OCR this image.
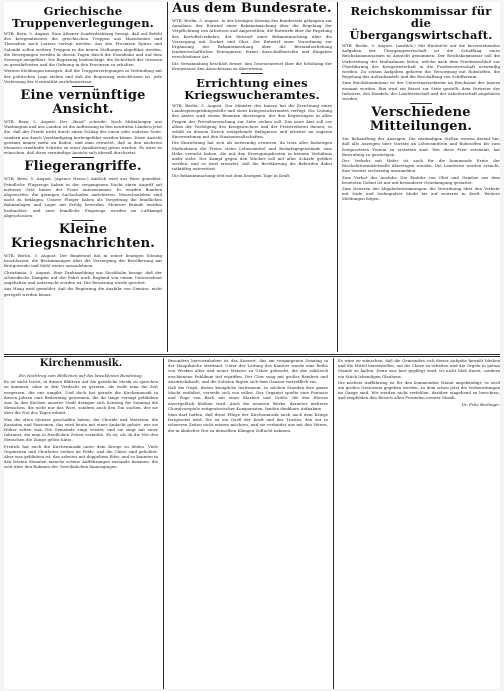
Griechische Truppenverlegungen.

WTB. Bern, 5. August. Eine Athener Sonderdrahtung besagt, daß auf Befehl des Kriegsministers die griechischen Truppen aus Mazedonien und Thessalien nach Larissa verlegt werden. Aus den Provinzen Epirus und Saloniki sollen weitere Truppen in die neuen Stellungen abgeführt werden, die Bewegungen werden in diesen Tagen durch die Eisenbahn und auf dem Seewege ausgeführt. Die Regierung beabsichtigt, die Sicherheit der Grenzen zu gewährleisten und die Ordnung in den Provinzen zu erhalten.

Weitere Meldungen besagen, daß die Truppenverlegungen in Verbindung mit der politischen Lage stehen und daß die Regierung entschlossen ist, jede Verletzung der Neutralität zurückzuweisen.

Eine vernünftige Ansicht.

WTB. Bern, 5. August. Der „Bund“ schreibt: Nach Mitteilungen aus Washington und aus London ist die Auffassung in den neutralen Ländern jetzt die, daß der Friede nicht durch einen Schlag der einen oder anderen Seite, sondern nur durch Verständigung herbeigeführt werden könne. Diese Ansicht gewinnt immer mehr an Boden, und man erwartet, daß in den nächsten Monaten ernsthafte Schritte zu einer Annäherung getan werden. Es wäre zu wünschen, daß diese vernünftige Ansicht sich überall durchsetzt.

Fliegerangriffe.

WTB. Bern, 5. August. (Agence Havas.) Amtlich wird aus Paris gemeldet: Feindliche Flugzeuge haben in der vergangenen Nacht einen Angriff auf mehrere Orte hinter der Front unternommen. Es wurden Bomben abgeworfen, die geringen Sachschaden anrichteten. Menschenleben sind nicht zu beklagen. Unsere Flieger haben als Vergeltung die feindlichen Bahnanlagen und Lager mit Erfolg beworfen. Mehrere Brände wurden beobachtet, und zwei feindliche Flugzeuge wurden im Luftkampf abgeschossen.

Kleine Kriegsnachrichten.

WTB. Berlin, 5. August. Der Bundesrat hat in seiner heutigen Sitzung beschlossen, die Bestimmungen über die Versorgung der Bevölkerung mit Brotgetreide und Mehl weiter auszudehnen.

Christiania, 5. August. Eine Drahtmeldung aus Stockholm besagt, daß der schwedische Dampfer auf der Fahrt nach England von einem Unterseeboot angehalten und untersucht worden ist. Die Besatzung wurde gerettet.

Aus Haag wird gemeldet, daß die Regierung die Ausfuhr von Gemüse, nicht geregelt werden könne.

Aus dem Bundesrate.

WTB. Berlin, 5. August. In der heutigen Sitzung des Bundesrats gelangten zur Annahme: der Entwurf einer Bekanntmachung über die Regelung der Verpflichtung von Arbeitern und Angestellten, die Entwürfe über die Regelung des Kartoffelverkehrs, der Entwurf einer Bekanntmachung über die Versorgung mit Zucker und Obst, der Entwurf einer Verordnung zur Ergänzung der Bekanntmachung über die Bestandserhebung landwirtschaftlicher Erzeugnisse, ferner Ausschußberichte und Eingaben verschiedener Art.

Die Versammlung beschloß ferner, den Gesetzentwurf über die Erhöhung der Kriegsteuer den Ausschüssen zu überweisen.

Errichtung eines Kriegswucheramtes.

WTB. Berlin, 5. August. Der Minister des Innern hat die Errichtung eines Landespreisprüfungsstelle und eines Kriegswucheramtes verfügt. Die Leitung des Amtes wird einem Beamten übertragen, der den Regierungen in allen Fragen der Preisüberwachung zur Seite stehen soll. Das neue Amt soll vor allem der Verfolgung des Kriegswuchers und der Preistreiberei dienen; es erhält zu diesem Zweck weitgehende Befugnisse und arbeitet im engsten Einvernehmen mit den Staatsanwaltschaften.

Die Einrichtung hat sich als notwendig erwiesen, da trotz aller bisherigen Maßnahmen die Preise vieler Lebensmittel und Bedarfsgegenstände eine Höhe erreicht haben, die mit den Erzeugungskosten in keinem Verhältnis mehr steht. Der Kampf gegen den Wucher soll mit aller Schärfe geführt werden, und es wird erwartet, daß die Bevölkerung die Behörden dabei tatkräftig unterstützt.

Die Bekanntmachung tritt mit dem heutigen Tage in Kraft.

Reichskommissar für die Übergangswirtschaft.

WTB. Berlin, 5. August. (Amtlich.) Mit Rücksicht auf die bevorstehenden Aufgaben der Übergangswirtschaft ist die Schaffung eines Reichskommissariats in Aussicht genommen. Der Reichskommissar soll die Vorbereitung der Maßnahmen leiten, welche nach dem Friedensschluß zur Überführung der Kriegswirtschaft in die Friedenswirtschaft notwendig werden. Zu seinen Aufgaben gehören die Versorgung mit Rohstoffen, die Regelung des Außenhandels und die Beschaffung von Schiffsraum.

Zum Reichskommissar ist der Unterstaatssekretär im Reichsamt des Innern ernannt worden. Ihm wird ein Beirat zur Seite gestellt, dem Vertreter der Industrie, des Handels, der Landwirtschaft und der Arbeiterschaft angehören werden.

Verschiedene Mitteilungen.

Zur Behandlung der Anzeigen. Die zuständigen Stellen weisen darauf hin, daß alle Anzeigen über Vorräte an Lebensmitteln und Rohstoffen bis zum festgesetzten Termin zu erstatten sind. Wer diese Frist versäumt, hat Bestrafung zu gewärtigen.

Der Verkehr mit Hafer ist auch für die kommende Ernte der Reichsfuttermittelstelle übertragen worden. Die Landwirte werden ersucht, ihre Vorräte rechtzeitig anzumelden.

Zum Verbot der Ausfuhr. Die Einfuhr von Obst und Gemüse aus dem besetzten Gebiet ist nur mit besonderer Genehmigung gestattet.

Zum Neueren der Abgabebestimmungen: die Verordnung über den Verkehr mit Seife und Seifenpulver bleibt bis auf weiteres in Kraft. Weitere Meldungen folgen.

Kirchenmusik.

Ein Nachtrag zum Bildlichen auf das Musikfestes Bundestag.

Es ist nicht leicht, in diesen Blättern auf die geistliche Musik zu sprechen zu kommen, ohne in den Verdacht zu geraten, als wolle man die Zeit vergessen, die uns umgibt. Und doch hat gerade die Kirchenmusik in diesen Jahren eine Bedeutung gewonnen, die ihr lange versagt geblieben war. In den Kirchen unserer Stadt drängen sich Sonntag für Sonntag die Menschen, die nicht nur das Wort, sondern auch den Ton suchen, der sie über die Not des Tages erhebt.

Was die alten Meister geschaffen haben, die Choräle und Motetten, die Kantaten und Passionen, das wird heute mit einer Andacht gehört, wie sie früher selten war. Die Gemeinde singt wieder, und sie singt mit einer Inbrunst, die man in friedlichen Zeiten vermißte. Es ist, als ob die Not den Menschen die Zunge gelöst hätte.

Freilich hat auch die Kirchenmusik unter dem Kriege zu leiden. Viele Organisten und Chorleiter stehen im Felde, und die Chöre sind gelichtet. Aber was geblieben ist, das arbeitet mit doppeltem Eifer, und so konnten in den letzten Monaten manche schöne Aufführungen zustande kommen, die weit über den Rahmen des Gewöhnlichen hinausgingen.

Besonders hervorzuheben ist das Konzert, das am vergangenen Sonntag in der Hauptkirche stattfand. Unter der Leitung des Kantors wurde eine Reihe von Werken alter und neuer Meister zu Gehör gebracht, die das zahlreich erschienene Publikum tief ergriffen. Der Chor sang mit großer Reinheit und Ausdruckskraft, und die Solisten fügten sich dem Ganzen vortrefflich ein.

Daß die Orgel, dieses königliche Instrument, in solchen Stunden ihre ganze Macht entfaltet, versteht sich von selbst. Der Organist spielte eine Fantasie und Fuge von Bach mit einer Klarheit und Größe, die den Hörern unvergeßlich bleiben wird. Auch die neueren Werke, darunter mehrere Choralvorspiele zeitgenössischer Komponisten, fanden dankbare Aufnahme.

Man darf hoffen, daß diese Pflege der Kirchenmusik auch nach dem Kriege fortgesetzt wird. Sie ist ein Quell der Kraft und des Trostes, den wir in schweren Zeiten nicht missen möchten, und sie verbindet uns mit den Vätern, die in ähnlicher Not zu denselben Klängen Zuflucht nahmen.

Es wäre zu wünschen, daß die Gemeinden sich dieser Aufgabe bewußt bleiben und die Mittel bereitstellen, um die Chöre zu erhalten und die Orgeln in gutem Stande zu halten. Denn was hier gepflegt wird, ist nicht bloß Kunst, sondern ein Stück lebendigen Glaubens.

Die nächste Aufführung ist für den kommenden Monat angekündigt; es wird ein großes Oratorium gegeben werden, zu dem schon jetzt die Vorbereitungen im Gange sind. Wir werden nicht verfehlen, darüber eingehend zu berichten, und empfehlen den Besuch allen Freunden ernster Musik.

Dr. Fritz Brelinger.
